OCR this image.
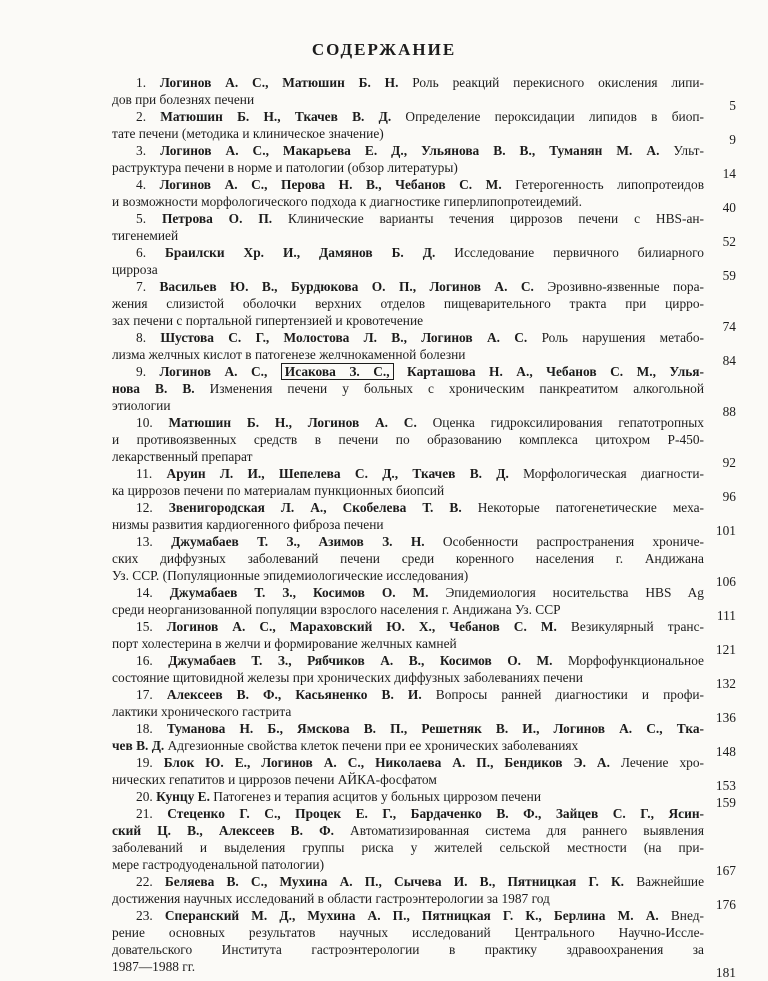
СОДЕРЖАНИЕ
1. Логинов А. С., Матюшин Б. Н. Роль реакций перекисного окисления липи-
дов при болезнях печени	5
2. Матюшин Б. Н., Ткачев В. Д. Определение пероксидации липидов в биоп-
тате печени (методика и клиническое значение)	9
3. Логинов А. С., Макарьева Е. Д., Ульянова В. В., Туманян М. А. Ульт-
раструктура печени в норме и патологии (обзор литературы)	14
4. Логинов А. С., Перова Н. В., Чебанов С. М. Гетерогенность липопротеидов
и возможности морфологического подхода к диагностике гиперлипопротеидемий.	40
5. Петрова О. П. Клинические варианты течения циррозов печени с HBS-ан-
тигенемией	52
6. Браилски Хр. И., Дамянов Б. Д. Исследование первичного билиарного
цирроза	59
7. Васильев Ю. В., Бурдюкова О. П., Логинов А. С. Эрозивно-язвенные пора-
жения слизистой оболочки верхних отделов пищеварительного тракта при цирро-
зах печени с портальной гипертензией и кровотечение	74
8. Шустова С. Г., Молостова Л. В., Логинов А. С. Роль нарушения метабо-
лизма желчных кислот в патогенезе желчнокаменной болезни	84
9. Логинов А. С., Исакова З. С., Карташова Н. А., Чебанов С. М., Улья-
нова В. В. Изменения печени у больных с хроническим панкреатитом алкогольной
этиологии	88
10. Матюшин Б. Н., Логинов А. С. Оценка гидроксилирования гепатотропных
и противоязвенных средств в печени по образованию комплекса цитохром Р-450-
лекарственный препарат	92
11. Аруин Л. И., Шепелева С. Д., Ткачев В. Д. Морфологическая диагности-
ка циррозов печени по материалам пункционных биопсий	96
12. Звенигородская Л. А., Скобелева Т. В. Некоторые патогенетические меха-
низмы развития кардиогенного фиброза печени	101
13. Джумабаев Т. З., Азимов З. Н. Особенности распространения хрониче-
ских диффузных заболеваний печени среди коренного населения г. Андижана
Уз. ССР. (Популяционные эпидемиологические исследования)	106
14. Джумабаев Т. З., Косимов О. М. Эпидемиология носительства HBS Ag
среди неорганизованной популяции взрослого населения г. Андижана Уз. ССР	111
15. Логинов А. С., Мараховский Ю. Х., Чебанов С. М. Везикулярный транс-
порт холестерина в желчи и формирование желчных камней	121
16. Джумабаев Т. З., Рябчиков А. В., Косимов О. М. Морфофункциональное
состояние щитовидной железы при хронических диффузных заболеваниях печени	132
17. Алексеев В. Ф., Касьяненко В. И. Вопросы ранней диагностики и профи-
лактики хронического гастрита	136
18. Туманова Н. Б., Ямскова В. П., Решетняк В. И., Логинов А. С., Тка-
чев В. Д. Адгезионные свойства клеток печени при ее хронических заболеваниях	148
19. Блок Ю. Е., Логинов А. С., Николаева А. П., Бендиков Э. А. Лечение хро-
нических гепатитов и циррозов печени АЙКА-фосфатом	153
20. Кунцу Е. Патогенез и терапия асцитов у больных циррозом печени	159
21. Стеценко Г. С., Процек Е. Г., Бардаченко В. Ф., Зайцев С. Г., Ясин-
ский Ц. В., Алексеев В. Ф. Автоматизированная система для раннего выявления
заболеваний и выделения группы риска у жителей сельской местности (на при-
мере гастродуоденальной патологии)	167
22. Беляева В. С., Мухина А. П., Сычева И. В., Пятницкая Г. К. Важнейшие
достижения научных исследований в области гастроэнтерологии за 1987 год	176
23. Сперанский М. Д., Мухина А. П., Пятницкая Г. К., Берлина М. А. Внед-
рение основных результатов научных исследований Центрального Научно-Иссле-
довательского Института гастроэнтерологии в практику здравоохранения за
1987—1988 гг.	181
